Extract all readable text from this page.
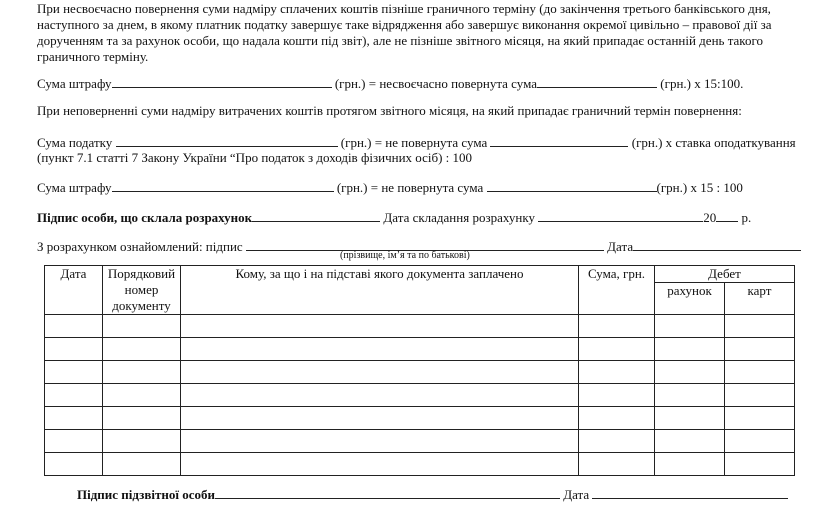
При несвоєчасно повернення суми надміру сплачених коштів пізніше граничного терміну (до закінчення третього банківського дня,
наступного за днем, в якому платник податку завершує таке відрядження або завершує виконання окремої цивільно – правової дії за
дорученням та за рахунок особи, що надала кошти під звіт), але не пізніше звітного місяця, на який припадає останній день такого
граничного терміну.
Сума штрафу	(грн.) = несвоєчасно повернута сума	(грн.) х 15:100.
При неповерненні суми надміру витрачених коштів протягом звітного місяця, на який припадає граничний термін повернення:
Сума податку	(грн.) = не повернута сума	(грн.) х ставка оподаткування
(пункт 7.1 статті 7 Закону України “Про податок з доходів фізичних осіб) : 100
Сума штрафу	(грн.) = не повернута сума	(грн.) х 15 : 100
Підпис особи, що склала розрахунок	Дата складання розрахунку	20 р.
З розрахунком ознайомлений: підпис	Дата
(прізвище, ім’я та по батькові)
Дата	Порядковий номер документу	Кому, за що і на підставі якого документа заплачено	Сума, грн.	Дебет	
				рахунок	карт

Підпис підзвітної особи	Дата
